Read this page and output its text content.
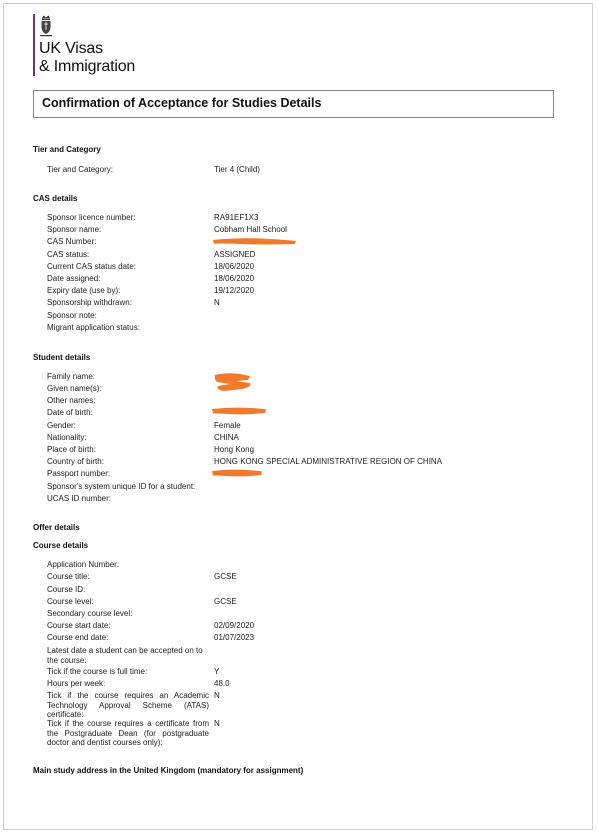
UK Visas
& Immigration
Confirmation of Acceptance for Studies Details
Tier and Category
Tier and Category:	Tier 4 (Child)
CAS details
Sponsor licence number:	RA91EF1X3
Sponsor name:	Cobham Hall School
CAS Number:
CAS status:	ASSIGNED
Current CAS status date:	18/06/2020
Date assigned:	18/06/2020
Expiry date (use by):	19/12/2020
Sponsorship withdrawn:	N
Sponsor note:
Migrant application status:
Student details
Family name:
Given name(s):
Other names:
Date of birth:
Gender:	Female
Nationality:	CHINA
Place of birth:	Hong Kong
Country of birth:	HONG KONG SPECIAL ADMINISTRATIVE REGION OF CHINA
Passport number:
Sponsor's system unique ID for a student:
UCAS ID number:
Offer details
Course details
Application Number:
Course title:	GCSE
Course ID:
Course level:	GCSE
Secondary course level:
Course start date:	02/09/2020
Course end date:	01/07/2023
Latest date a student can be accepted on to the course:
Tick if the course is full time:	Y
Hours per week:	48.0
Tick if the course requires an Academic Technology Approval Scheme (ATAS) certificate:
N
Tick if the course requires a certificate from the Postgraduate Dean (for postgraduate doctor and dentist courses only):
N
Main study address in the United Kingdom (mandatory for assignment)
